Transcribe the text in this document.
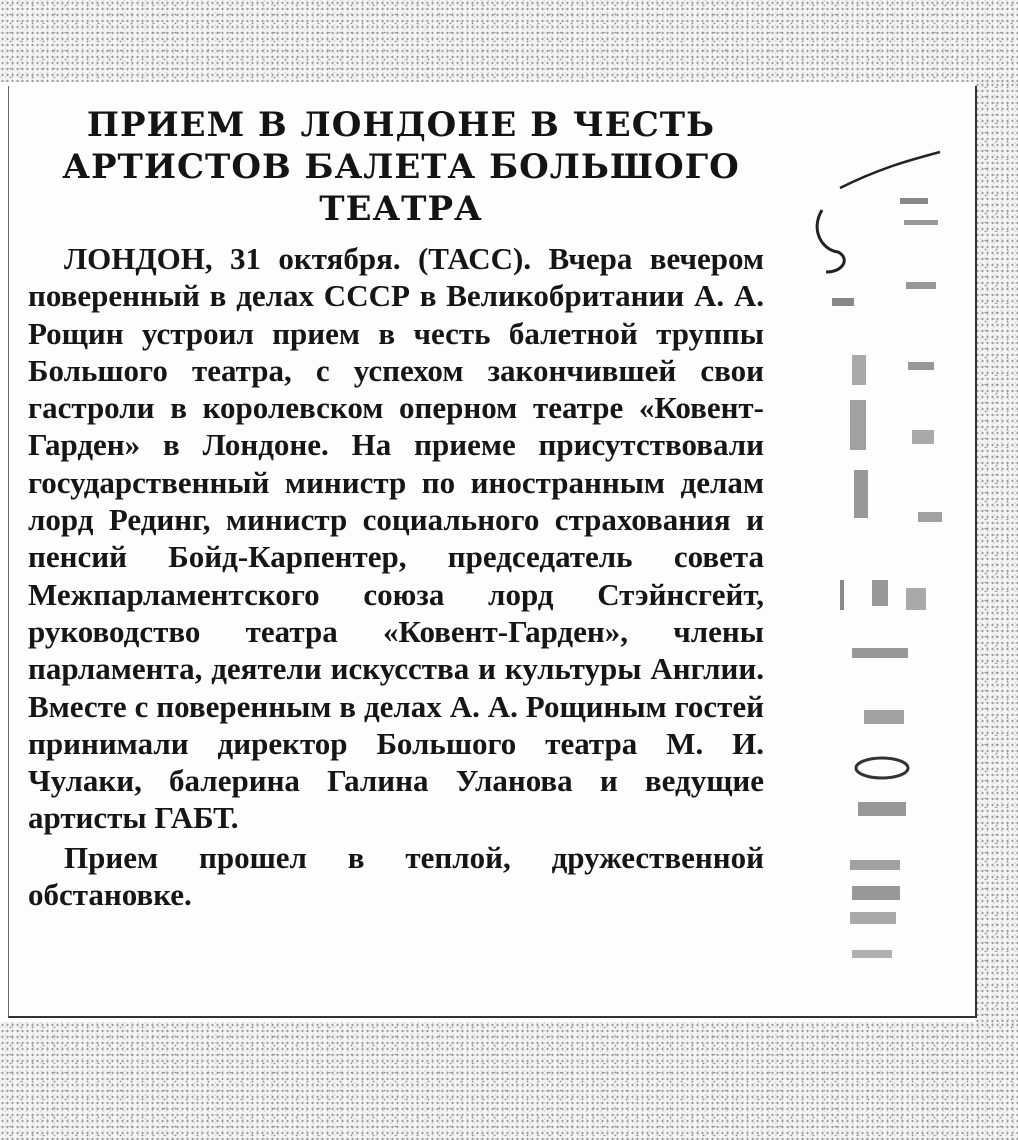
ПРИЕМ В ЛОНДОНЕ В ЧЕСТЬ АРТИСТОВ БАЛЕТА БОЛЬШОГО ТЕАТРА

ЛОНДОН, 31 октября. (ТАСС). Вчера вечером поверенный в делах СССР в Великобритании А. А. Рощин устроил прием в честь балетной труппы Большого театра, с успехом закончившей свои гастроли в королевском оперном театре «Ковент-Гарден» в Лондоне. На приеме присутствовали государственный министр по иностранным делам лорд Рединг, министр социального страхования и пенсий Бойд-Карпентер, председатель совета Межпарламентского союза лорд Стэйнсгейт, руководство театра «Ковент-Гарден», члены парламента, деятели искусства и культуры Англии. Вместе с поверенным в делах А. А. Рощиным гостей принимали директор Большого театра М. И. Чулаки, балерина Галина Уланова и ведущие артисты ГАБТ.

Прием прошел в теплой, дружественной обстановке.
